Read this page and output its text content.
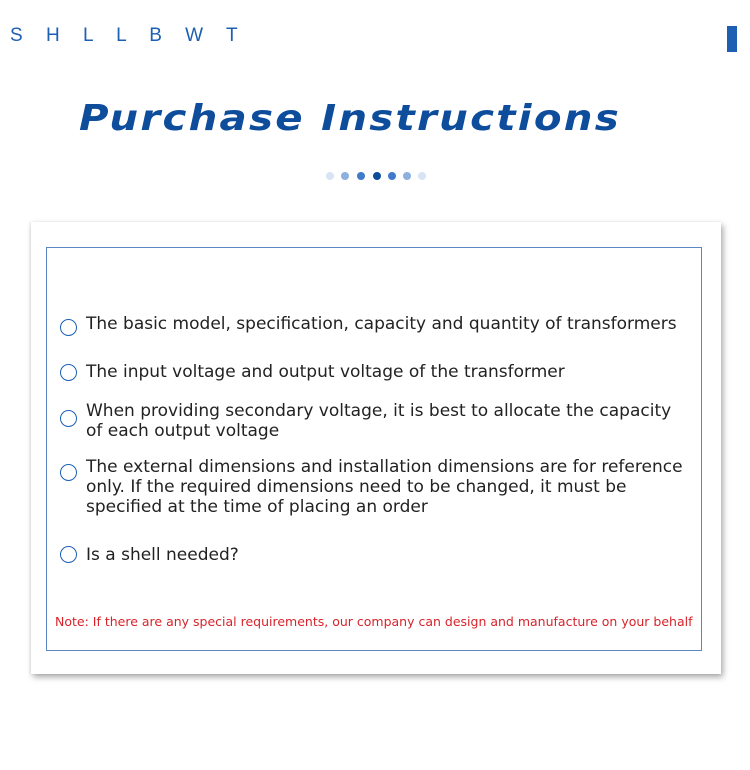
S H L L B W T
Purchase Instructions
The basic model, specification, capacity and quantity of transformers
The input voltage and output voltage of the transformer
When providing secondary voltage, it is best to allocate the capacity of each output voltage
The external dimensions and installation dimensions are for reference only. If the required dimensions need to be changed, it must be specified at the time of placing an order
Is a shell needed?
Note: If there are any special requirements, our company can design and manufacture on your behalf
